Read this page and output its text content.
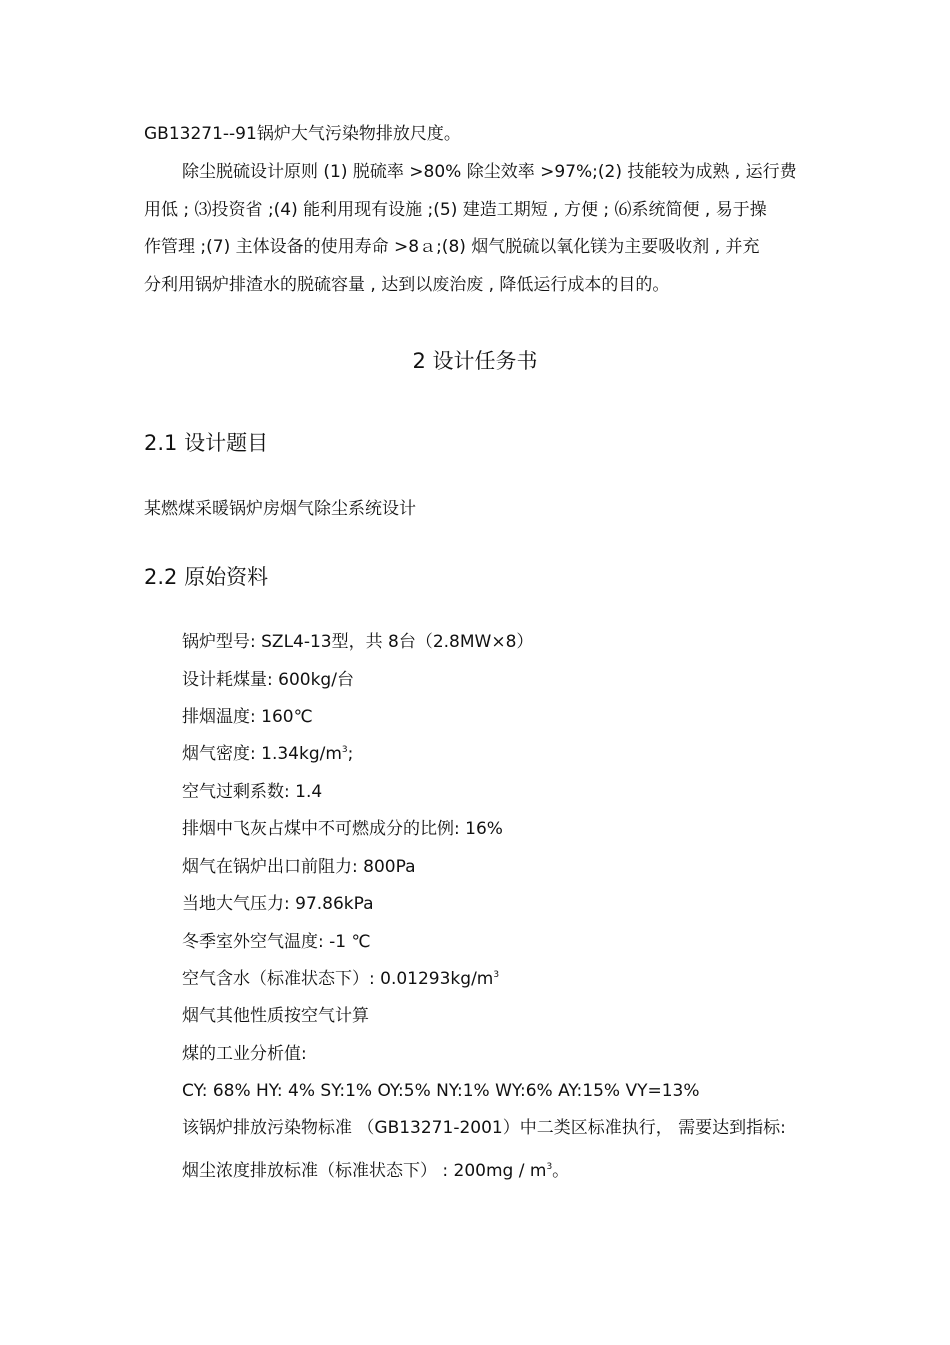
GB13271--91锅炉大气污染物排放尺度。
除尘脱硫设计原则 (1) 脱硫率 >80% 除尘效率 >97%;(2) 技能较为成熟 , 运行费
用低 ; ⑶投资省 ;(4) 能利用现有设施 ;(5) 建造工期短 , 方便 ; ⑹系统简便 , 易于操
作管理 ;(7) 主体设备的使用寿命 >8ａ;(8) 烟气脱硫以氧化镁为主要吸收剂 , 并充
分利用锅炉排渣水的脱硫容量 , 达到以废治废 , 降低运行成本的目的。
2 设计任务书
2.1 设计题目
某燃煤采暖锅炉房烟气除尘系统设计
2.2 原始资料
锅炉型号: SZL4-13型，共 8台（2.8MW×8）
设计耗煤量: 600kg/台
排烟温度: 160℃
烟气密度: $1.34kg/m^3$;
空气过剩系数: 1.4
排烟中飞灰占煤中不可燃成分的比例: 16%
烟气在锅炉出口前阻力: 800Pa
当地大气压力: 97.86kPa
冬季室外空气温度: -1 ℃
空气含水（标准状态下）: $0.01293kg/m^3$
烟气其他性质按空气计算
煤的工业分析值:
CY: 68% HY: 4% SY:1% OY:5% NY:1% WY:6% AY:15% VY=13%
该锅炉排放污染物标准 （GB13271-2001）中二类区标准执行， 需要达到指标:
烟尘浓度排放标准（标准状态下） : $200mg / m^3$。
